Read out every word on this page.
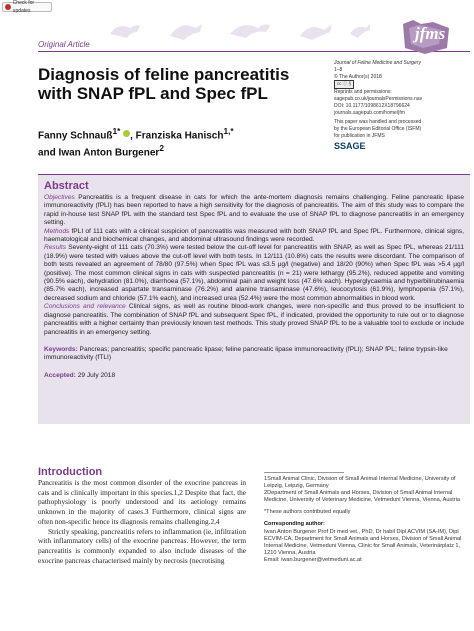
Check for updates
Original Article
jfms
Diagnosis of feline pancreatitis with SNAP fPL and Spec fPL
Fanny Schnauß$^{1*}$ , Franziska Hanisch$^{1,*}$
and Iwan Anton Burgener$^2$
Journal of Feline Medicine and Surgery
1–8
© The Author(s) 2018
cc ⓘ §
Reprints and permissions:
sagepub.co.uk/journalsPermissions.nav
DOI: 10.1177/1098612X18796624
journals.sagepub.com/home/jfm
This paper was handled and processed
by the European Editorial Office (ISFM)
for publication in JFMS
SSAGE
Abstract

Objectives Pancreatitis is a frequent disease in cats for which the ante-mortem diagnosis remains challenging. Feline pancreatic lipase immunoreactivity (fPLI) has been reported to have a high sensitivity for the diagnosis of pancreatitis. The aim of this study was to compare the rapid in-house test SNAP fPL with the standard test Spec fPL and to evaluate the use of SNAP fPL to diagnose pancreatitis in an emergency setting.

Methods fPLI of 111 cats with a clinical suspicion of pancreatitis was measured with both SNAP fPL and Spec fPL. Furthermore, clinical signs, haematological and biochemical changes, and abdominal ultrasound findings were recorded.

Results Seventy-eight of 111 cats (70.3%) were tested below the cut-off level for pancreatitis with SNAP, as well as Spec fPL, whereas 21/111 (18.9%) were tested with values above the cut-off level with both tests. In 12/111 (10.8%) cats the results were discordant. The comparison of both tests revealed an agreement of 78/80 (97.5%) when Spec fPL was ≤3.5 µg/l (negative) and 18/20 (90%) when Spec fPL was >5.4 µg/l (positive). The most common clinical signs in cats with suspected pancreatitis (n = 21) were lethargy (95.2%), reduced appetite and vomiting (90.5% each), dehydration (81.0%), diarrhoea (57.1%), abdominal pain and weight loss (47.6% each). Hyperglycaemia and hyperbilirubinaemia (85.7% each), increased aspartate transaminase (76.2%) and alanine transaminase (47.6%), leucocytosis (61.9%), lymphopenia (57.1%), decreased sodium and chloride (57.1% each), and increased urea (52.4%) were the most common abnormalities in blood work.

Conclusions and relevance Clinical signs, as well as routine blood-work changes, were non-specific and thus proved to be insufficient to diagnose pancreatitis. The combination of SNAP fPL and subsequent Spec fPL, if indicated, provided the opportunity to rule out or to diagnose pancreatitis with a higher certainty than previously known test methods. This study proved SNAP fPL to be a valuable tool to exclude or include pancreatitis in an emergency setting.

Keywords: Pancreas; pancreatitis; specific pancreatic lipase; feline pancreatic lipase immunoreactivity (fPLI); SNAP fPL; feline trypsin-like immunoreactivity (fTLI)

Accepted: 29 July 2018

Introduction

Pancreatitis is the most common disorder of the exocrine pancreas in cats and is clinically important in this species.1,2 Despite that fact, the pathophysiology is poorly understood and its aetiology remains unknown in the majority of cases.3 Furthermore, clinical signs are often non-specific hence its diagnosis remains challenging.2,4

Strictly speaking, pancreatitis refers to inflammation (ie, infiltration with inflammatory cells) of the exocrine pancreas. However, the term pancreatitis is commonly expanded to also include diseases of the exocrine pancreas characterised mainly by necrosis (necrotising

1Small Animal Clinic, Division of Small Animal Internal Medicine, University of Leipzig, Leipzig, Germany
2Department of Small Animals and Horses, Division of Small Animal Internal Medicine, University of Veterinary Medicine, Vetmeduni Vienna, Vienna, Austria
*These authors contributed equally
Corresponding author:
Iwan Anton Burgener Prof Dr med vet., PhD, Dr habil Dipl ACVIM (SA-IM), Dipl ECVIM-CA, Department for Small Animals and Horses, Division of Small Animal Internal Medicine, Vetmeduni Vienna, Clinic for Small Animals, Veterinärplatz 1, 1210 Vienna, Austria
Email: iwan.burgener@vetmeduni.ac.at
